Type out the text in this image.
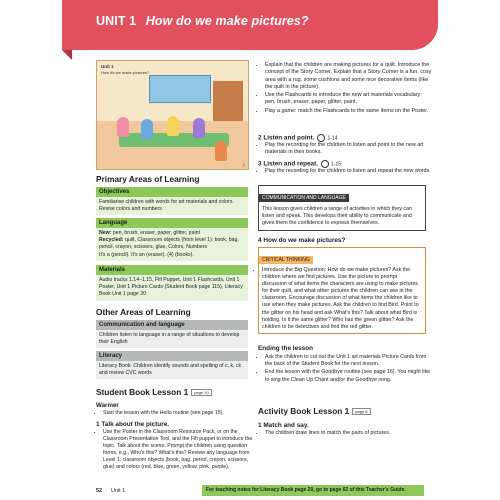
UNIT 1 How do we make pictures?
Unit 1
How do we make pictures?
1
Primary Areas of Learning
Objectives
Familiarise children with words for art materials and colors. Revise colors and numbers
Language
New: pen, brush, eraser, paper, glitter, paint
Recycled: quilt, Classroom objects (from level 1): book, bag, pencil, crayon, scissors, glue, Colors, Numbers
It's a (pencil). It's an (eraser). (4) (books).
Materials
Audio tracks 1.14–1.15, Fifi Puppet, Unit 1 Flashcards, Unit 1 Poster, Unit 1 Picture Cards (Student Book page 115), Literacy Book Unit 1 page 20
Other Areas of Learning
Communication and language
Children listen to language in a range of situations to develop their English
Literacy
Literacy Book: Children identify sounds and spelling of c, k, ck and review CVC words
Student Book Lesson 1 page 10
Warmer
• Start the lesson with the Hello routine (see page 15).
1 Talk about the picture.
• Use the Poster in the Classroom Resource Pack, or on the Classroom Presentation Tool, and the Fifi puppet to introduce the topic. Talk about the scene. Prompt the children using question forms, e.g., Who's this? What's this? Review any language from Level 1: classroom objects (book, bag, pencil, crayon, scissors, glue) and colors (red, blue, green, yellow, pink, purple).
• Explain that the children are making pictures for a quilt. Introduce the concept of the Story Corner. Explain that a Story Corner is a fun, cosy area with a rug, some cushions and some nice decorative items (like the quilt in the picture).
• Use the Flashcards to introduce the new art materials vocabulary: pen, brush, eraser, paper, glitter, paint.
• Play a game: match the Flashcards to the same items on the Poster.
2 Listen and point.	1-14
• Play the recording for the children to listen and point to the new art materials in their books.
3 Listen and repeat.	1-15
• Play the recording for the children to listen and repeat the new words.
COMMUNICATION AND LANGUAGE
This lesson gives children a range of activities in which they can listen and speak. This develops their ability to communicate and gives them the confidence to express themselves.
4 How do we make pictures?
CRITICAL THINKING
• Introduce the Big Question: How do we make pictures? Ask the children where we find pictures. Use the picture to prompt discussion of what items the characters are using to make pictures for their quilt, and what other pictures the children can see in the classroom. Encourage discussion of what items the children like to use when they make pictures. Ask the children to find Bird. Point to the glitter on his head and ask What's this? Talk about what Bird is holding. Is it the same glitter? Who has the green glitter? Ask the children to be detectives and find the red glitter.
Ending the lesson
• Ask the children to cut out the Unit 1 art materials Picture Cards from the back of the Student Book for the next lesson.
• End the lesson with the Goodbye routine (see page 16). You might like to sing the Clean Up Chant and/or the Goodbye song.
Activity Book Lesson 1 page 8
1 Match and say.
• The children draw lines to match the pairs of pictures.
52 Unit 1	For teaching notes for Literacy Book page 20, go to page 62 of this Teacher's Guide.
